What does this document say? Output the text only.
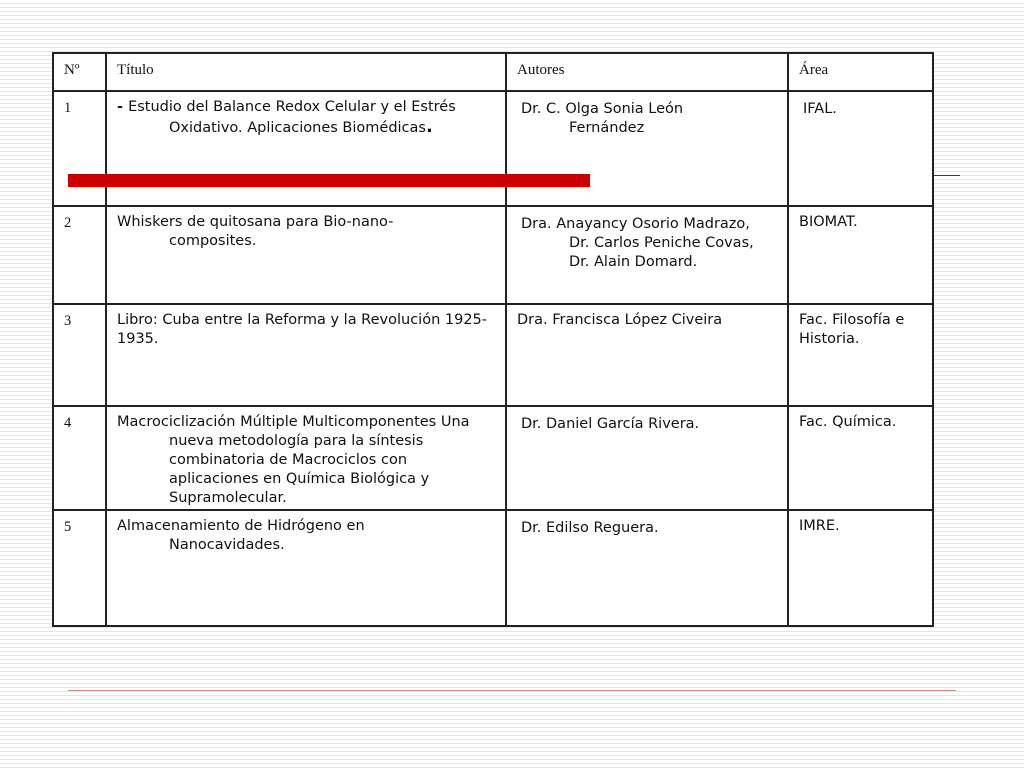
Nº	Título	Autores	Área

1	- Estudio del Balance Redox Celular y el Estrés
Oxidativo. Aplicaciones Biomédicas.	Dr. C. Olga Sonia León
Fernández	IFAL.

2	Whiskers de quitosana para Bio-nano-
composites.	Dra. Anayancy Osorio Madrazo,
Dr. Carlos Peniche Covas,
Dr. Alain Domard.	BIOMAT.

3	Libro: Cuba entre la Reforma y la Revolución 1925-1935.	Dra. Francisca López Civeira	Fac. Filosofía e Historia.

4	Macrociclización Múltiple Multicomponentes Una
nueva metodología para la síntesis combinatoria de Macrociclos con aplicaciones en Química Biológica y Supramolecular.	Dr. Daniel García Rivera.	Fac. Química.

5	Almacenamiento de Hidrógeno en
Nanocavidades.	Dr. Edilso Reguera.	IMRE.
